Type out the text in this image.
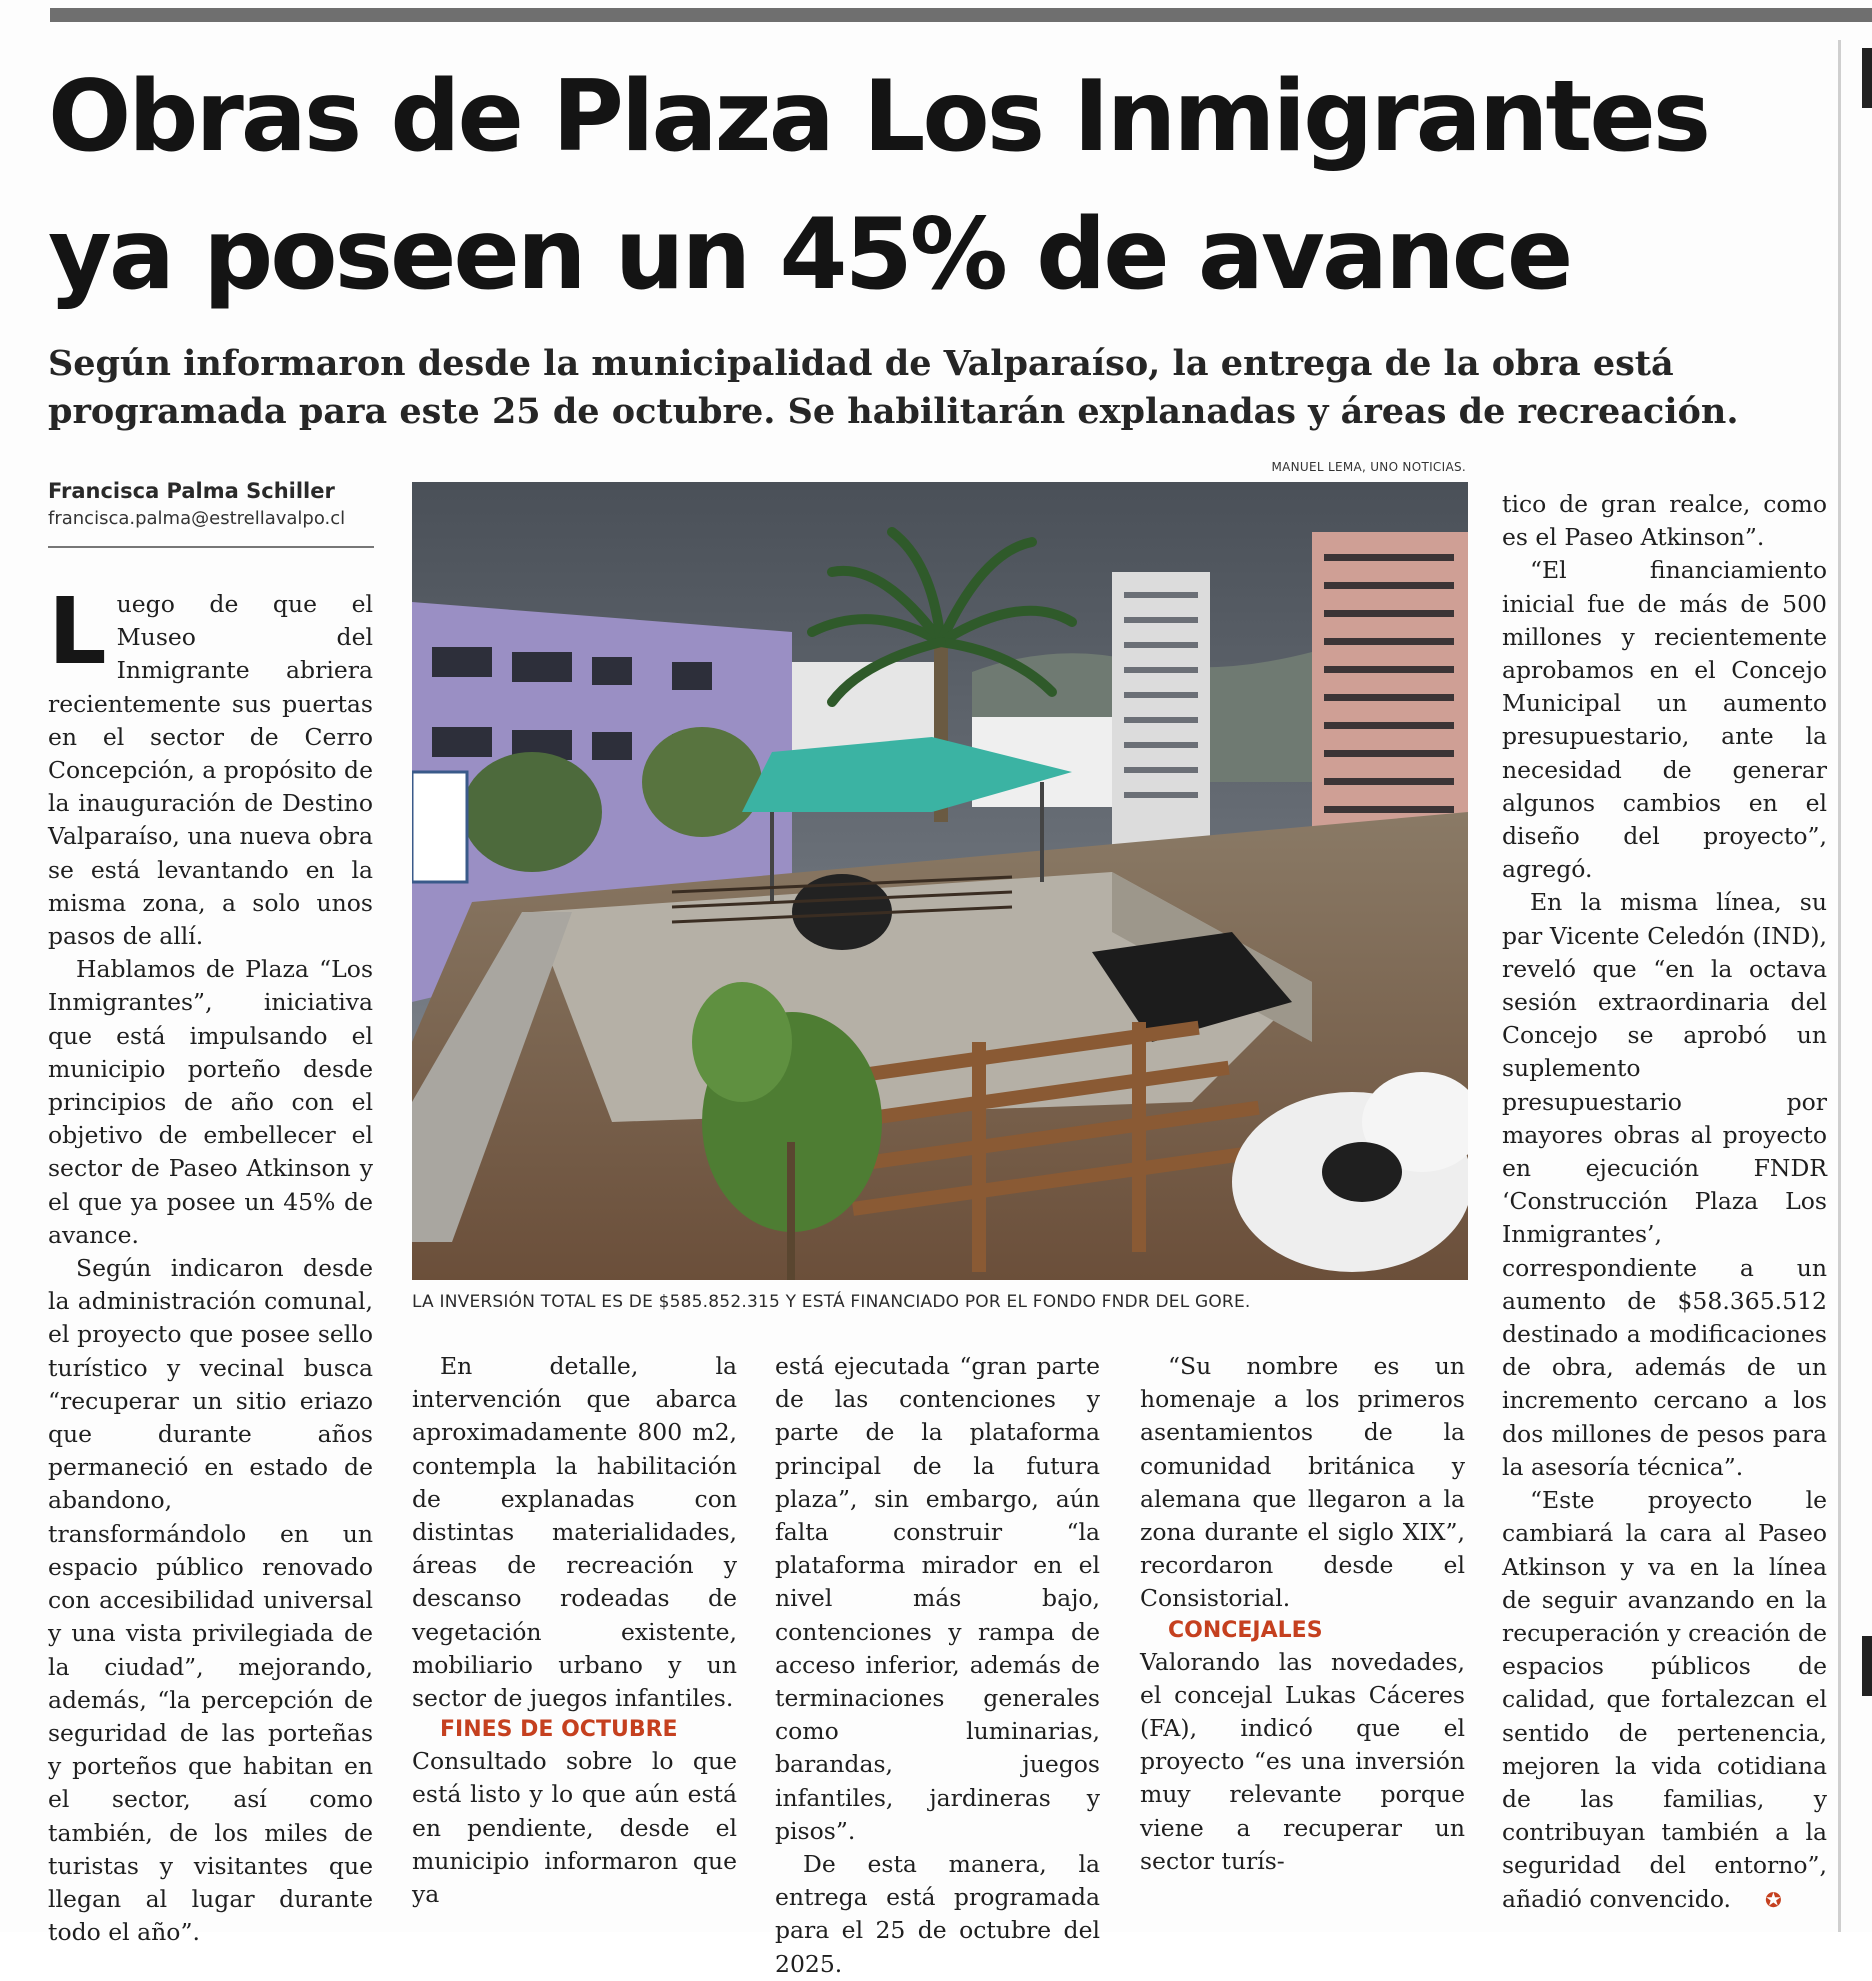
Obras de Plaza Los Inmigrantes ya poseen un 45% de avance

Según informaron desde la municipalidad de Valparaíso, la entrega de la obra está programada para este 25 de octubre. Se habilitarán explanadas y áreas de recreación.

Francisca Palma Schiller
francisca.palma@estrellavalpo.cl
MANUEL LEMA, UNO NOTICIAS.
LA INVERSIÓN TOTAL ES DE $585.852.315 Y ESTÁ FINANCIADO POR EL FONDO FNDR DEL GORE.

Luego de que el Museo del Inmigrante abriera recientemente sus puertas en el sector de Cerro Concepción, a propósito de la inauguración de Destino Valparaíso, una nueva obra se está levantando en la misma zona, a solo unos pasos de allí.

Hablamos de Plaza “Los Inmigrantes”, iniciativa que está impulsando el municipio porteño desde principios de año con el objetivo de embellecer el sector de Paseo Atkinson y el que ya posee un 45% de avance.

Según indicaron desde la administración comunal, el proyecto que posee sello turístico y vecinal busca “recuperar un sitio eriazo que durante años permaneció en estado de abandono, transformándolo en un espacio público renovado con accesibilidad universal y una vista privilegiada de la ciudad”, mejorando, además, “la percepción de seguridad de las porteñas y porteños que habitan en el sector, así como también, de los miles de turistas y visitantes que llegan al lugar durante todo el año”.

En detalle, la intervención que abarca aproximadamente 800 m2, contempla la habilitación de explanadas con distintas materialidades, áreas de recreación y descanso rodeadas de vegetación existente, mobiliario urbano y un sector de juegos infantiles.

FINES DE OCTUBRE

Consultado sobre lo que está listo y lo que aún está en pendiente, desde el municipio informaron que ya

está ejecutada “gran parte de las contenciones y parte de la plataforma principal de la futura plaza”, sin embargo, aún falta construir “la plataforma mirador en el nivel más bajo, contenciones y rampa de acceso inferior, además de terminaciones generales como luminarias, barandas, juegos infantiles, jardineras y pisos”.

De esta manera, la entrega está programada para el 25 de octubre del 2025.

“Su nombre es un homenaje a los primeros asentamientos de la comunidad británica y alemana que llegaron a la zona durante el siglo XIX”, recordaron desde el Consistorial.

CONCEJALES

Valorando las novedades, el concejal Lukas Cáceres (FA), indicó que el proyecto “es una inversión muy relevante porque viene a recuperar un sector turís-

tico de gran realce, como es el Paseo Atkinson”.

“El financiamiento inicial fue de más de 500 millones y recientemente aprobamos en el Concejo Municipal un aumento presupuestario, ante la necesidad de generar algunos cambios en el diseño del proyecto”, agregó.

En la misma línea, su par Vicente Celedón (IND), reveló que “en la octava sesión extraordinaria del Concejo se aprobó un suplemento presupuestario por mayores obras al proyecto en ejecución FNDR ‘Construcción Plaza Los Inmigrantes’, correspondiente a un aumento de $58.365.512 destinado a modificaciones de obra, además de un incremento cercano a los dos millones de pesos para la asesoría técnica”.

“Este proyecto le cambiará la cara al Paseo Atkinson y va en la línea de seguir avanzando en la recuperación y creación de espacios públicos de calidad, que fortalezcan el sentido de pertenencia, mejoren la vida cotidiana de las familias, y contribuyan también a la seguridad del entorno”, añadió convencido. ✪
